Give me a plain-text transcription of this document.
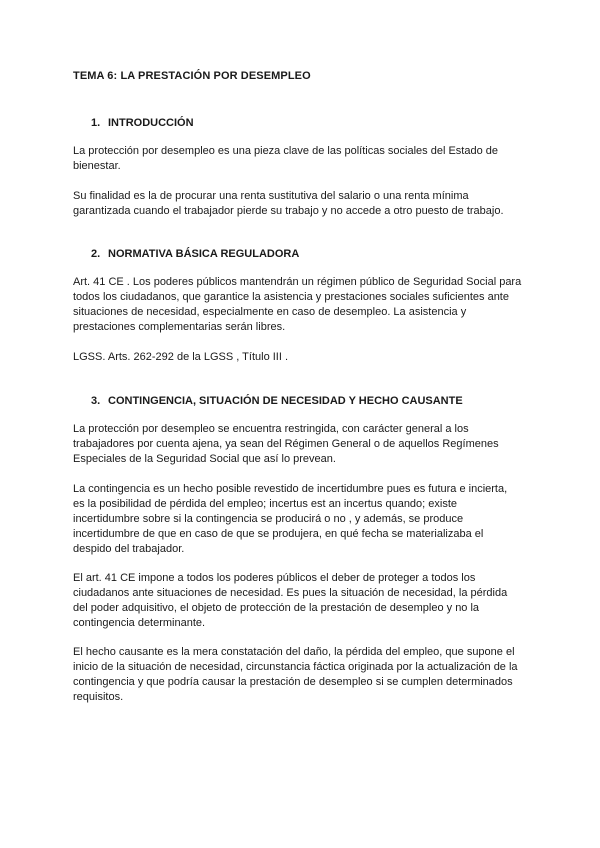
TEMA 6: LA PRESTACIÓN POR DESEMPLEO
1. INTRODUCCIÓN
La protección por desempleo es una pieza clave de las políticas sociales del Estado de
bienestar.
Su finalidad es la de procurar una renta sustitutiva del salario o una renta mínima
garantizada cuando el trabajador pierde su trabajo y no accede a otro puesto de trabajo.
2. NORMATIVA BÁSICA REGULADORA
Art. 41 CE . Los poderes públicos mantendrán un régimen público de Seguridad Social para
todos los ciudadanos, que garantice la asistencia y prestaciones sociales suficientes ante
situaciones de necesidad, especialmente en caso de desempleo. La asistencia y
prestaciones complementarias serán libres.
LGSS. Arts. 262-292 de la LGSS , Título III .
3. CONTINGENCIA, SITUACIÓN DE NECESIDAD Y HECHO CAUSANTE
La protección por desempleo se encuentra restringida, con carácter general a los
trabajadores por cuenta ajena, ya sean del Régimen General o de aquellos Regímenes
Especiales de la Seguridad Social que así lo prevean.
La contingencia es un hecho posible revestido de incertidumbre pues es futura e incierta,
es la posibilidad de pérdida del empleo; incertus est an incertus quando; existe
incertidumbre sobre si la contingencia se producirá o no , y además, se produce
incertidumbre de que en caso de que se produjera, en qué fecha se materializaba el
despido del trabajador.
El art. 41 CE impone a todos los poderes públicos el deber de proteger a todos los
ciudadanos ante situaciones de necesidad. Es pues la situación de necesidad, la pérdida
del poder adquisitivo, el objeto de protección de la prestación de desempleo y no la
contingencia determinante.
El hecho causante es la mera constatación del daño, la pérdida del empleo, que supone el
inicio de la situación de necesidad, circunstancia fáctica originada por la actualización de la
contingencia y que podría causar la prestación de desempleo si se cumplen determinados
requisitos.
